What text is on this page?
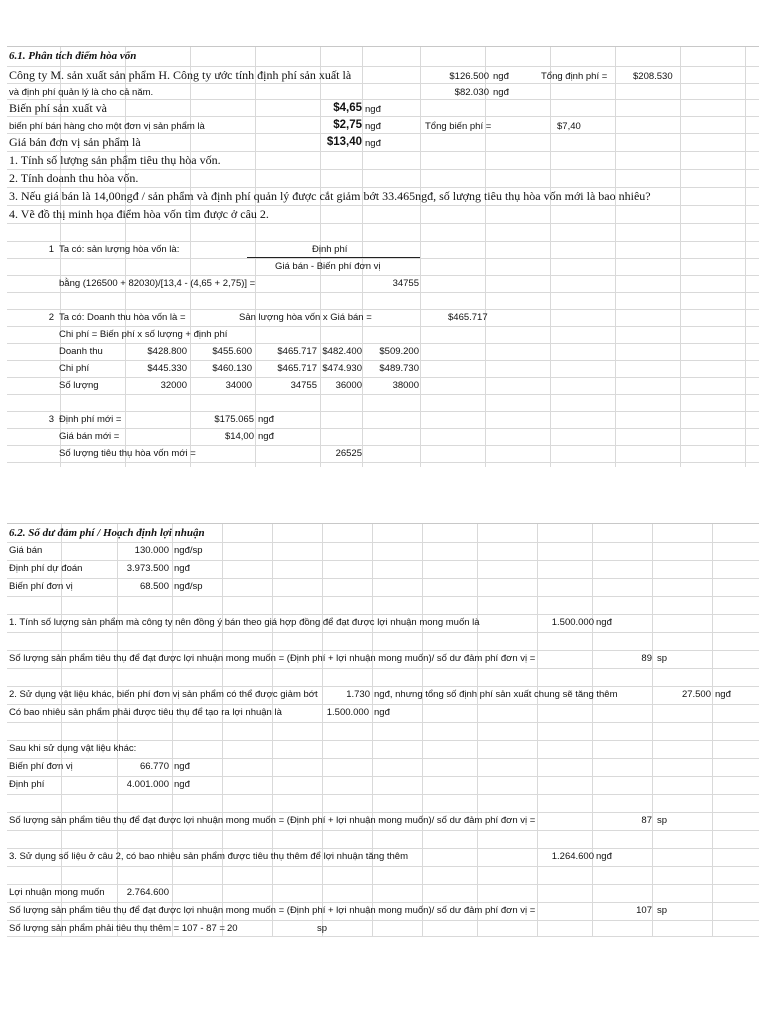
6.1. Phân tích điểm hòa vốn
Công ty M. sản xuất sản phẩm H. Công ty ước tính định phí sản xuất là	$126.500 ngđ	Tổng định phí =	$208.530
và định phí quản lý là cho cả năm.	$82.030 ngđ
Biến phí sản xuất và	$4,65 ngđ
biến phí bán hàng cho một đơn vị sản phẩm là	$2,75 ngđ	Tổng biến phí =	$7,40
Giá bán đơn vị sản phẩm là	$13,40 ngđ
1. Tính số lượng sản phẩm tiêu thụ hòa vốn.
2. Tính doanh thu hòa vốn.
3. Nếu giá bán là 14,00ngđ / sản phẩm và định phí quản lý được cắt giảm bớt 33.465ngđ, số lượng tiêu thụ hòa vốn mới là bao nhiêu?
4. Vẽ đồ thị minh họa điểm hòa vốn tìm được ở câu 2.
1 Ta có: sản lượng hòa vốn là:	Định phí
Giá bán - Biến phí đơn vị
bằng (126500 + 82030)/[13,4 - (4,65 + 2,75)] =	34755
2 Ta có: Doanh thu hòa vốn là =	Sản lượng hòa vốn x Giá bán =	$465.717
Chi phí = Biến phí x số lượng + định phí
Doanh thu	$428.800	$455.600	$465.717 $482.400	$509.200
Chi phí	$445.330	$460.130	$465.717 $474.930	$489.730
Số lượng	32000	34000	34755	36000	38000
3 Định phí mới =	$175.065 ngđ
Giá bán mới =	$14,00 ngđ
Số lượng tiêu thụ hòa vốn mới =	26525
6.2. Số dư đảm phí / Hoạch định lợi nhuận
Giá bán	130.000 ngđ/sp
Định phí dự đoán	3.973.500 ngđ
Biến phí đơn vị	68.500 ngđ/sp
1. Tính số lượng sản phẩm mà công ty nên đồng ý bán theo giá hợp đồng để đạt được lợi nhuận mong muốn là	1.500.000 ngđ
Số lượng sản phẩm tiêu thụ để đạt được lợi nhuận mong muốn = (Định phí + lợi nhuận mong muốn)/ số dư đảm phí đơn vị =	89 sp
2. Sử dụng vật liệu khác, biến phí đơn vị sản phẩm có thể được giảm bớt	1.730 ngđ, nhưng tổng số định phí sản xuất chung sẽ tăng thêm	27.500 ngđ
Có bao nhiêu sản phẩm phải được tiêu thụ để tạo ra lợi nhuận là	1.500.000 ngđ
Sau khi sử dụng vật liệu khác:
Biến phí đơn vị	66.770 ngđ
Định phí	4.001.000 ngđ
Số lượng sản phẩm tiêu thụ để đạt được lợi nhuận mong muốn = (Định phí + lợi nhuận mong muốn)/ số dư đảm phí đơn vị =	87 sp
3. Sử dụng số liệu ở câu 2, có bao nhiêu sản phẩm được tiêu thụ thêm để lợi nhuận tăng thêm	1.264.600 ngđ
Lợi nhuận mong muốn	2.764.600
Số lượng sản phẩm tiêu thụ để đạt được lợi nhuận mong muốn = (Định phí + lợi nhuận mong muốn)/ số dư đảm phí đơn vị =	107 sp
Số lượng sản phẩm phải tiêu thụ thêm = 107 - 87 = 20	sp
